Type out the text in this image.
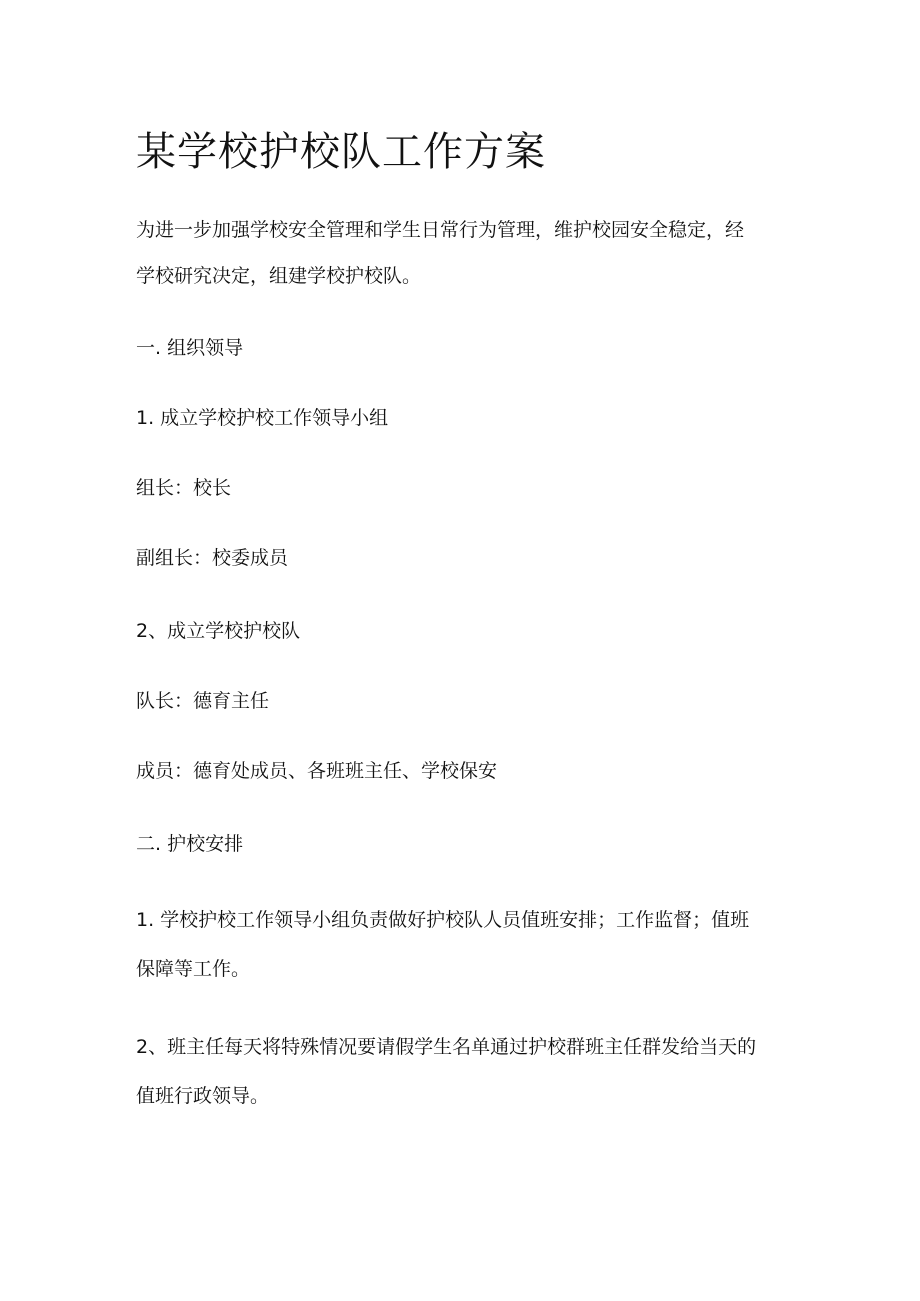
某学校护校队工作方案

为进一步加强学校安全管理和学生日常行为管理，维护校园安全稳定，经

学校研究决定，组建学校护校队。

一. 组织领导

1. 成立学校护校工作领导小组

组长：校长

副组长：校委成员

2、成立学校护校队

队长：德育主任

成员：德育处成员、各班班主任、学校保安

二. 护校安排

1. 学校护校工作领导小组负责做好护校队人员值班安排；工作监督；值班

保障等工作。

2、班主任每天将特殊情况要请假学生名单通过护校群班主任群发给当天的

值班行政领导。
